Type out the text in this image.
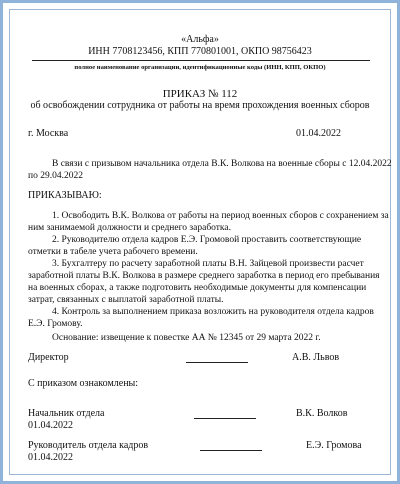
«Альфа»
ИНН 7708123456, КПП 770801001, ОКПО 98756423
полное наименование организации, идентификационные коды (ИНН, КПП, ОКПО)
ПРИКАЗ № 112
об освобождении сотрудника от работы на время прохождения военных сборов
г. Москва	01.04.2022
В связи с призывом начальника отдела В.К. Волкова на военные сборы с 12.04.2022
по 29.04.2022
ПРИКАЗЫВАЮ:
1. Освободить В.К. Волкова от работы на период военных сборов с сохранением за
ним занимаемой должности и среднего заработка.
2. Руководителю отдела кадров Е.Э. Громовой проставить соответствующие
отметки в табеле учета рабочего времени.
3. Бухгалтеру по расчету заработной платы В.Н. Зайцевой произвести расчет
заработной платы В.К. Волкова в размере среднего заработка в период его пребывания
на военных сборах, а также подготовить необходимые документы для компенсации
затрат, связанных с выплатой заработной платы.
4. Контроль за выполнением приказа возложить на руководителя отдела кадров
Е.Э. Громову.
Основание: извещение к повестке АА № 12345 от 29 марта 2022 г.
Директор	А.В. Львов
С приказом ознакомлены:
Начальник отдела	В.К. Волков
01.04.2022
Руководитель отдела кадров	Е.Э. Громова
01.04.2022
